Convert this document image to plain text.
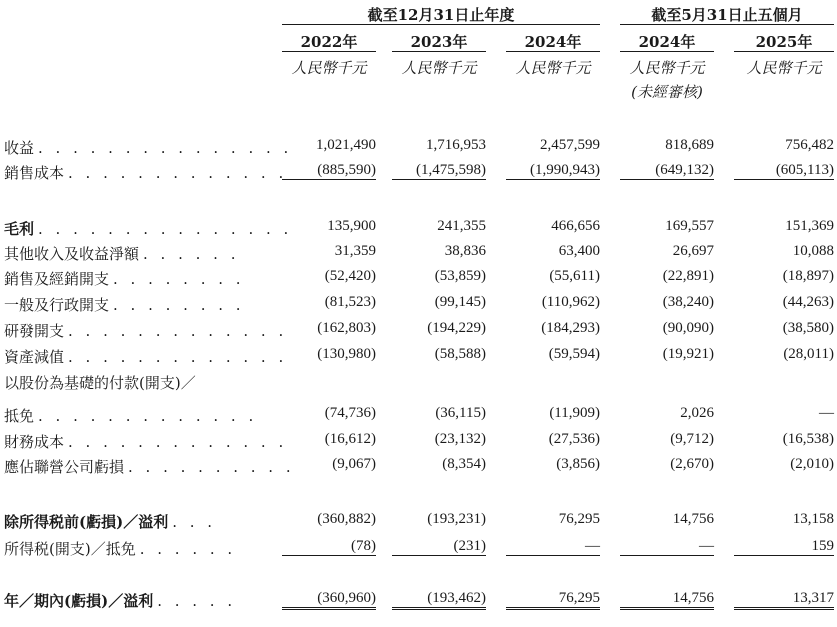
截至12月31日止年度	截至5月31日止五個月
2022年	2023年	2024年	2024年	2025年
人民幣千元	人民幣千元	人民幣千元	人民幣千元	人民幣千元
(未經審核)
收益 . . . . . . . . . . . . . . . 1,021,490	1,716,953	2,457,599	818,689	756,482
銷售成本 . . . . . . . . . . . . .	(885,590)	(1,475,598)	(1,990,943)	(649,132)	(605,113)
毛利 . . . . . . . . . . . . . . . 135,900	241,355	466,656	169,557	151,369
其他收入及收益淨額 . . . . . .	31,359	38,836	63,400	26,697	10,088
銷售及經銷開支 . . . . . . . .	(52,420)	(53,859)	(55,611)	(22,891)	(18,897)
一般及行政開支 . . . . . . . .	(81,523)	(99,145)	(110,962)	(38,240)	(44,263)
研發開支 . . . . . . . . . . . . . (162,803)	(194,229)	(184,293)	(90,090)	(38,580)
資產減值 . . . . . . . . . . . . . (130,980)	(58,588)	(59,594)	(19,921)	(28,011)
以股份為基礎的付款(開支)／
抵免 . . . . . . . . . . . . .	(74,736)	(36,115)	(11,909)	2,026	—
財務成本 . . . . . . . . . . . . .	(16,612)	(23,132)	(27,536)	(9,712)	(16,538)
應佔聯營公司虧損 . . . . . . . . . .	(9,067)	(8,354)	(3,856)	(2,670)	(2,010)
除所得税前(虧損)／溢利 . . .	(360,882)	(193,231)	76,295	14,756	13,158
所得税(開支)／抵免 . . . . . .	(78)	(231)	—	—	159
年／期內(虧損)／溢利 . . . . .	(360,960)	(193,462)	76,295	14,756	13,317
